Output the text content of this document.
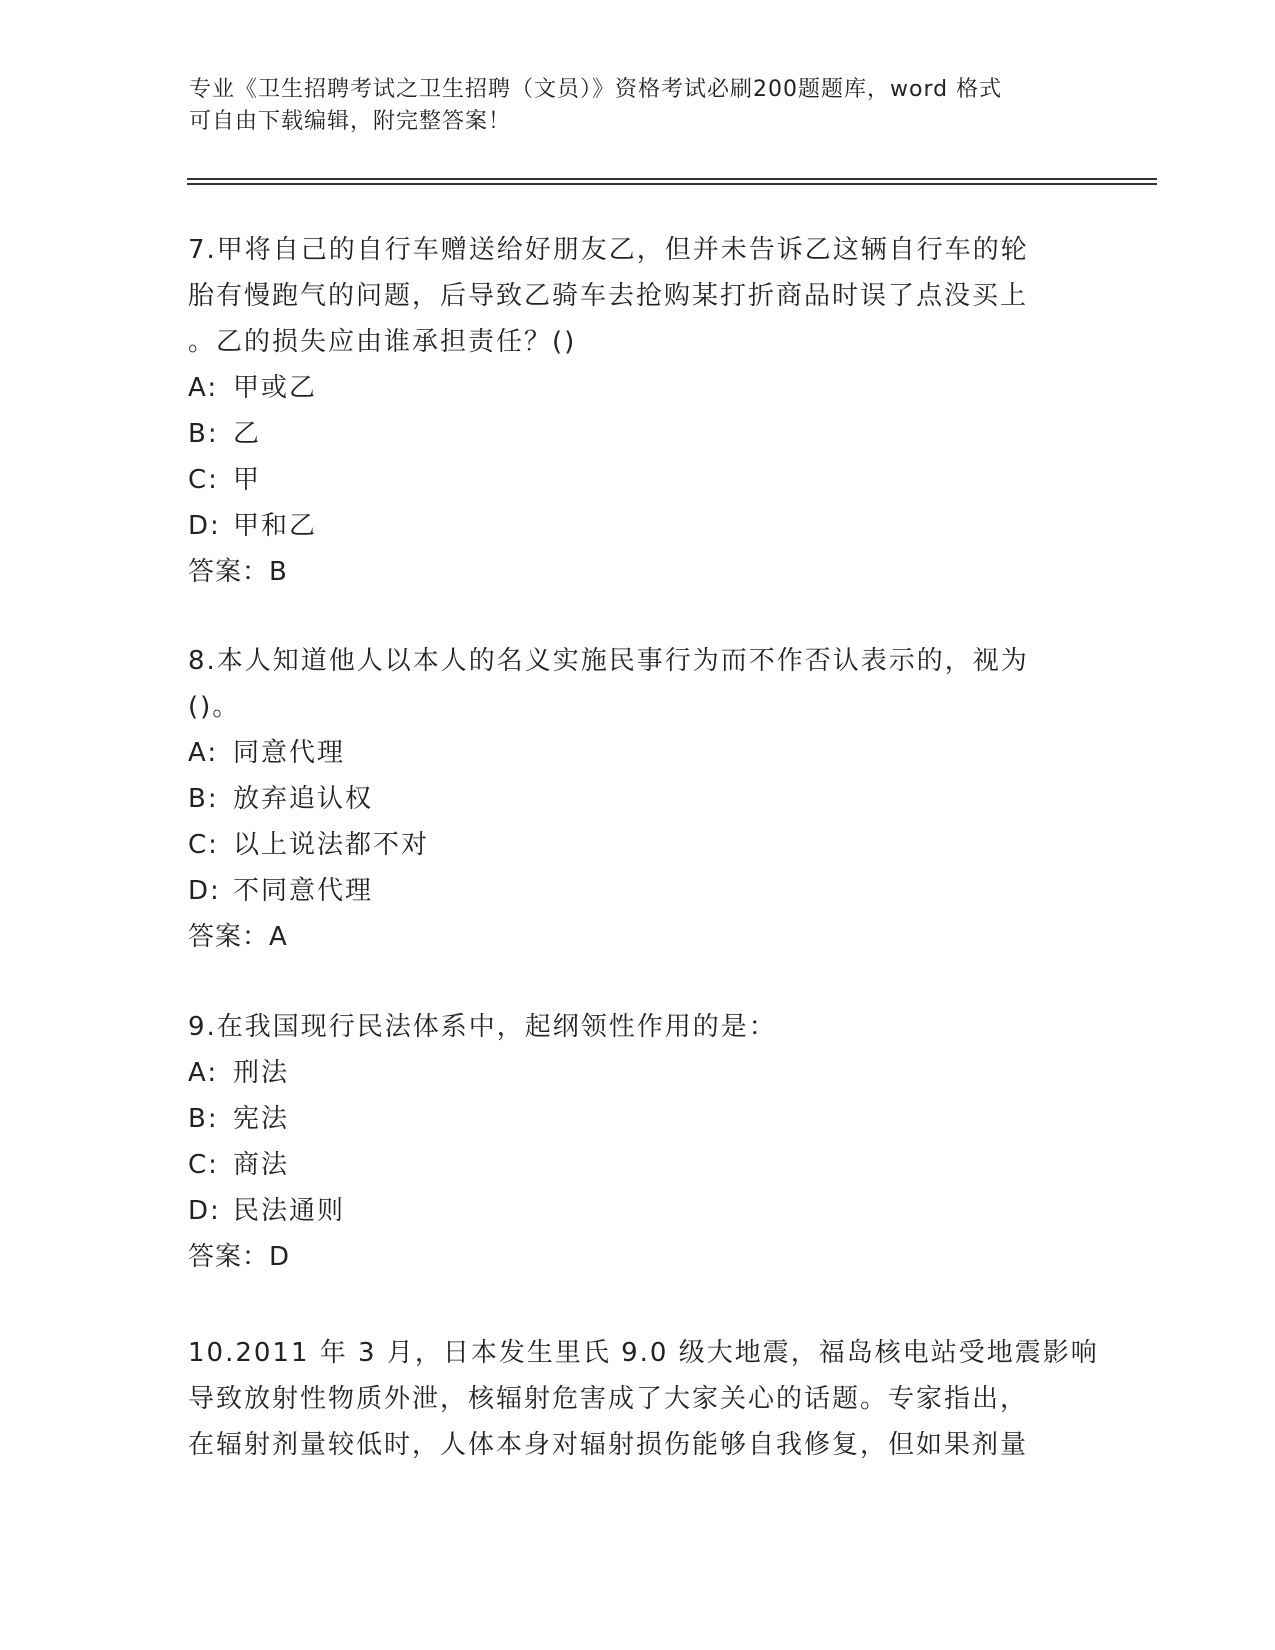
专业《卫生招聘考试之卫生招聘（文员）》资格考试必刷200题题库，word 格式
可自由下载编辑，附完整答案！
7.甲将自己的自行车赠送给好朋友乙，但并未告诉乙这辆自行车的轮
胎有慢跑气的问题，后导致乙骑车去抢购某打折商品时误了点没买上
。乙的损失应由谁承担责任？()
A: 甲或乙
B: 乙
C: 甲
D: 甲和乙
答案：B
8.本人知道他人以本人的名义实施民事行为而不作否认表示的，视为
()。
A: 同意代理
B: 放弃追认权
C: 以上说法都不对
D: 不同意代理
答案：A
9.在我国现行民法体系中，起纲领性作用的是：
A: 刑法
B: 宪法
C: 商法
D: 民法通则
答案：D
10.2011 年 3 月，日本发生里氏 9.0 级大地震，福岛核电站受地震影响
导致放射性物质外泄，核辐射危害成了大家关心的话题。专家指出，
在辐射剂量较低时，人体本身对辐射损伤能够自我修复，但如果剂量
